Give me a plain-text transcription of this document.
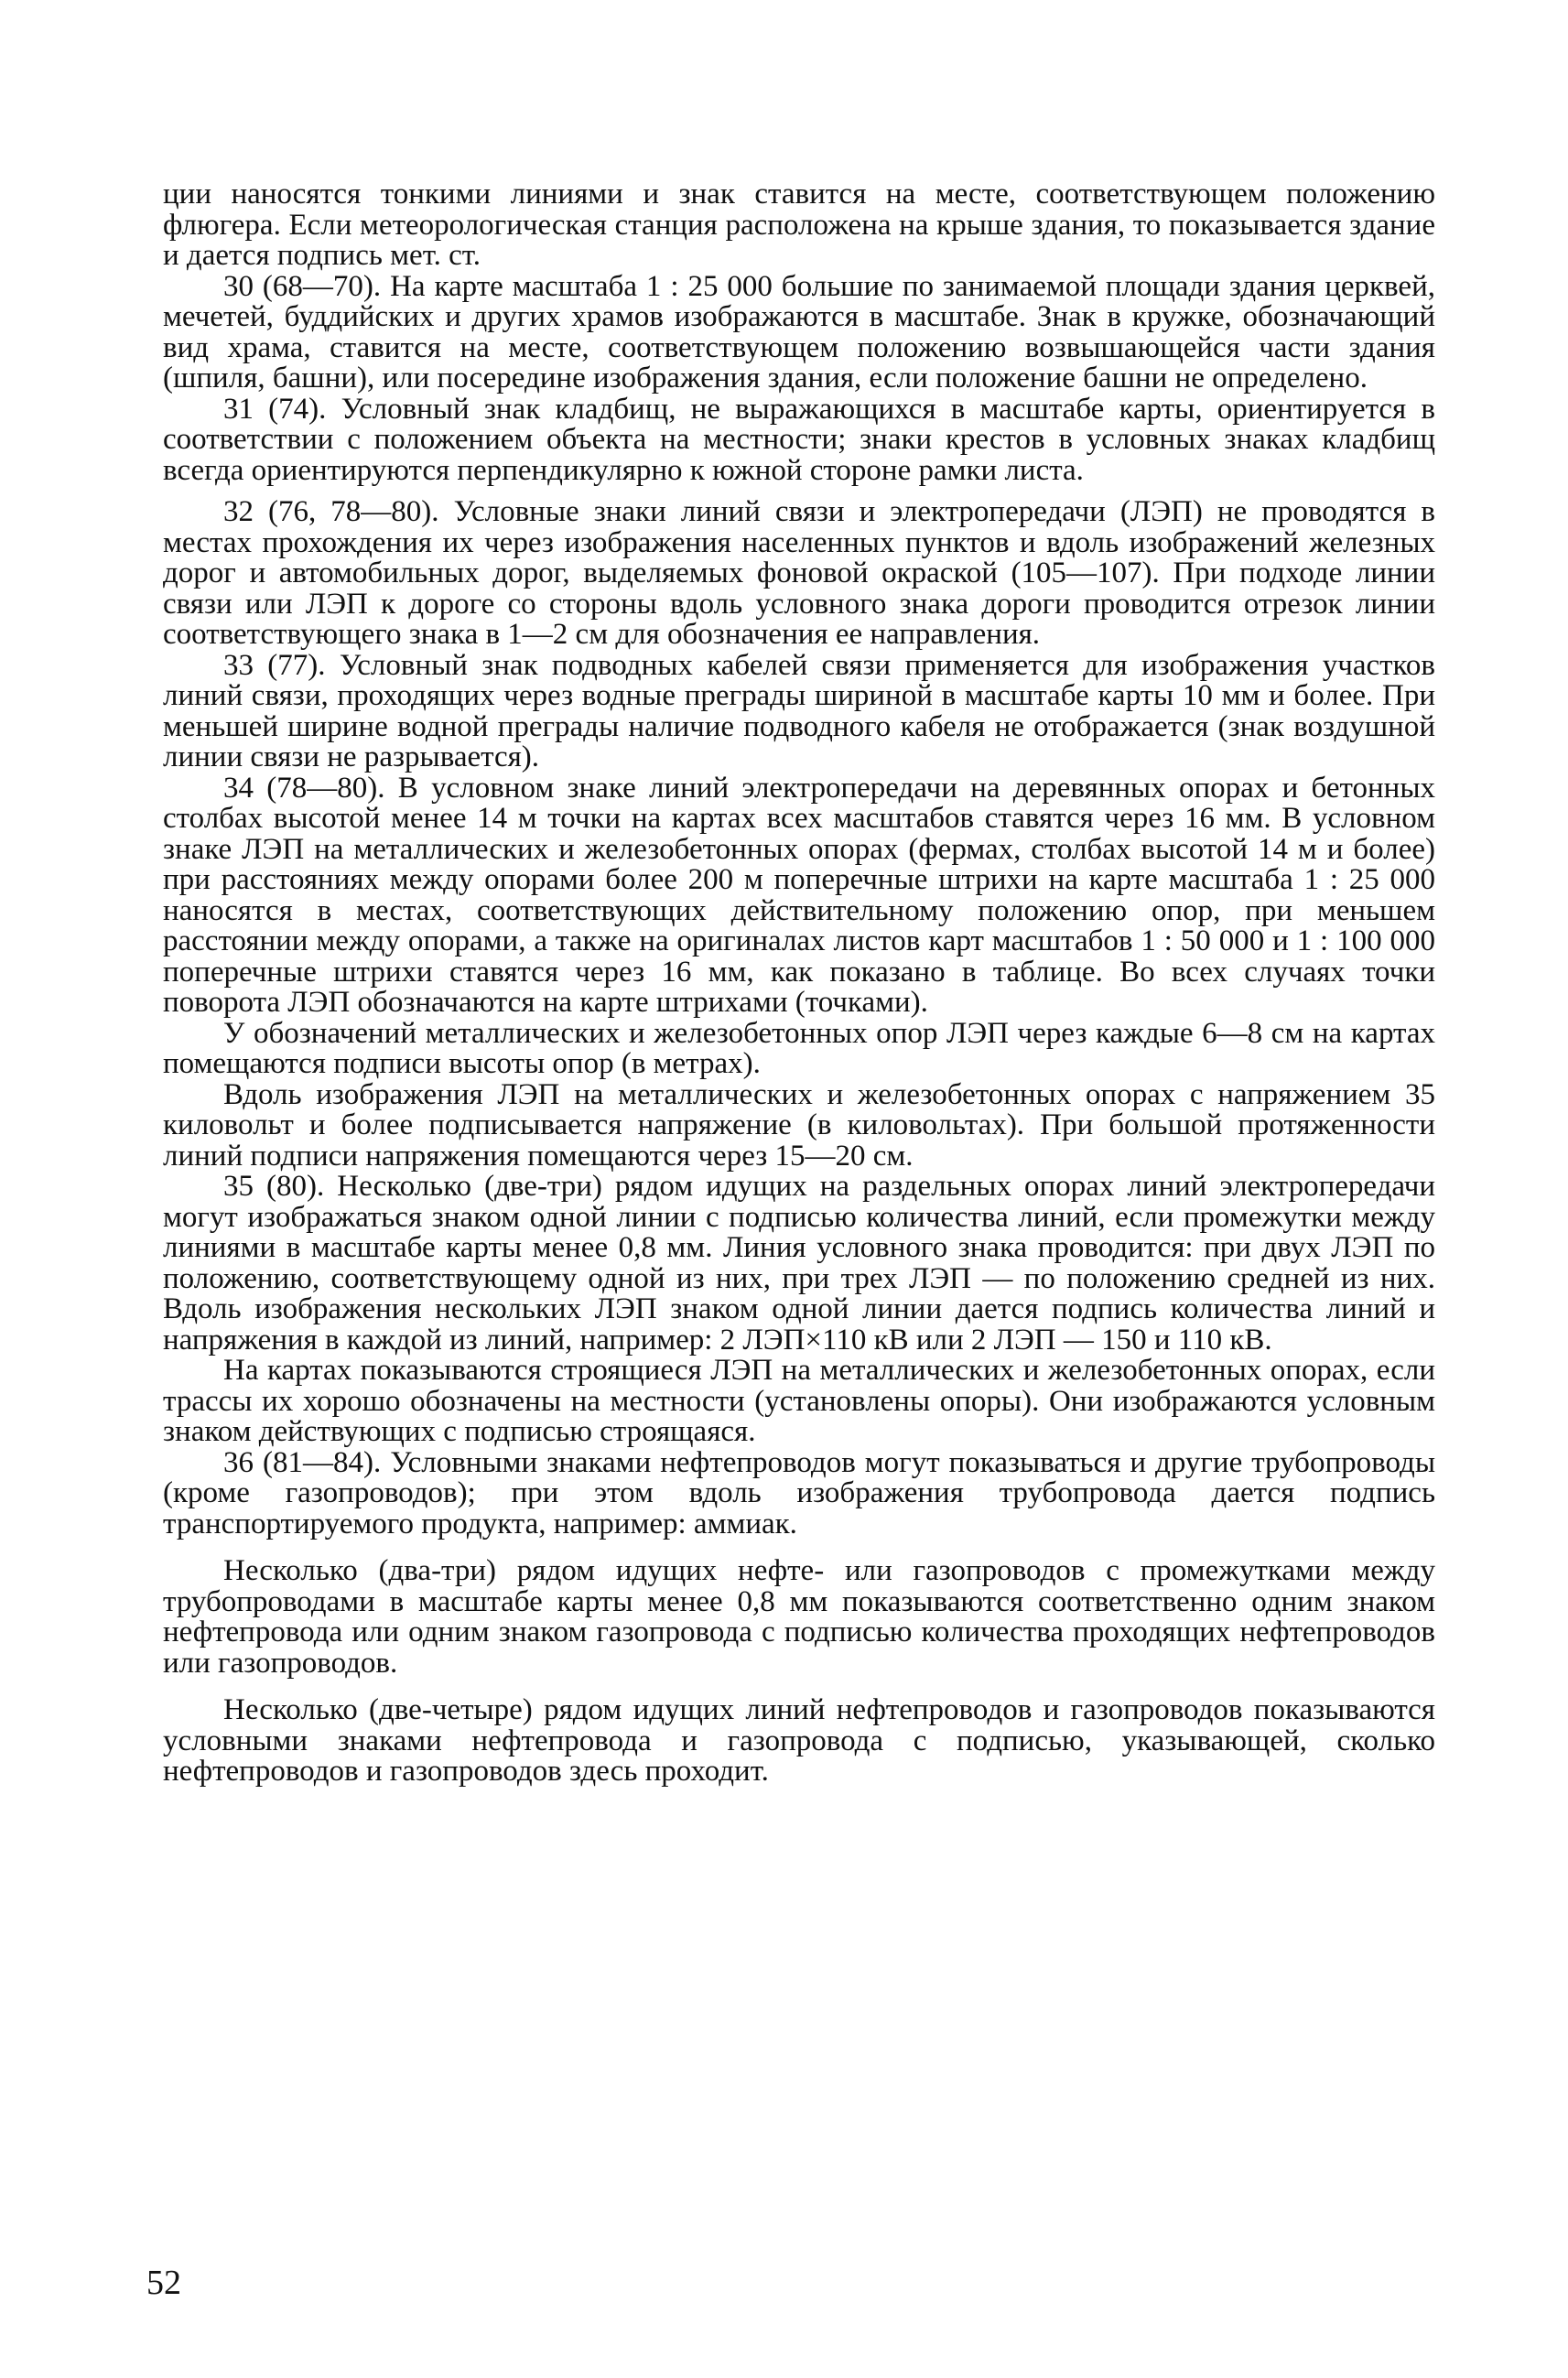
ции наносятся тонкими линиями и знак ставится на месте, соответствующем положению флюгера. Если метеорологическая станция расположена на крыше здания, то показывается здание и дается подпись мет. ст.

30 (68—70). На карте масштаба 1 : 25 000 большие по занимаемой площади здания церквей, мечетей, буддийских и других храмов изображаются в масштабе. Знак в кружке, обозначающий вид храма, ставится на месте, соответствующем положению возвышающейся части здания (шпиля, башни), или посередине изображения здания, если положение башни не определено.

31 (74). Условный знак кладбищ, не выражающихся в масштабе карты, ориентируется в соответствии с положением объекта на местности; знаки крестов в условных знаках кладбищ всегда ориентируются перпендикулярно к южной стороне рамки листа.

32 (76, 78—80). Условные знаки линий связи и электропередачи (ЛЭП) не проводятся в местах прохождения их через изображения населенных пунктов и вдоль изображений железных дорог и автомобильных дорог, выделяемых фоновой окраской (105—107). При подходе линии связи или ЛЭП к дороге со стороны вдоль условного знака дороги проводится отрезок линии соответствующего знака в 1—2 см для обозначения ее направления.

33 (77). Условный знак подводных кабелей связи применяется для изображения участков линий связи, проходящих через водные преграды шириной в масштабе карты 10 мм и более. При меньшей ширине водной преграды наличие подводного кабеля не отображается (знак воздушной линии связи не разрывается).

34 (78—80). В условном знаке линий электропередачи на деревянных опорах и бетонных столбах высотой менее 14 м точки на картах всех масштабов ставятся через 16 мм. В условном знаке ЛЭП на металлических и железобетонных опорах (фермах, столбах высотой 14 м и более) при расстояниях между опорами более 200 м поперечные штрихи на карте масштаба 1 : 25 000 наносятся в местах, соответствующих действительному положению опор, при меньшем расстоянии между опорами, а также на оригиналах листов карт масштабов 1 : 50 000 и 1 : 100 000 поперечные штрихи ставятся через 16 мм, как показано в таблице. Во всех случаях точки поворота ЛЭП обозначаются на карте штрихами (точками).

У обозначений металлических и железобетонных опор ЛЭП через каждые 6—8 см на картах помещаются подписи высоты опор (в метрах).

Вдоль изображения ЛЭП на металлических и железобетонных опорах с напряжением 35 киловольт и более подписывается напряжение (в киловольтах). При большой протяженности линий подписи напряжения помещаются через 15—20 см.

35 (80). Несколько (две-три) рядом идущих на раздельных опорах линий электропередачи могут изображаться знаком одной линии с подписью количества линий, если промежутки между линиями в масштабе карты менее 0,8 мм. Линия условного знака проводится: при двух ЛЭП по положению, соответствующему одной из них, при трех ЛЭП — по положению средней из них. Вдоль изображения нескольких ЛЭП знаком одной линии дается подпись количества линий и напряжения в каждой из линий, например: 2 ЛЭП×110 кВ или 2 ЛЭП — 150 и 110 кВ.

На картах показываются строящиеся ЛЭП на металлических и железобетонных опорах, если трассы их хорошо обозначены на местности (установлены опоры). Они изображаются условным знаком действующих с подписью строящаяся.

36 (81—84). Условными знаками нефтепроводов могут показываться и другие трубопроводы (кроме газопроводов); при этом вдоль изображения трубопровода дается подпись транспортируемого продукта, например: аммиак.

Несколько (два-три) рядом идущих нефте- или газопроводов с промежутками между трубопроводами в масштабе карты менее 0,8 мм показываются соответственно одним знаком нефтепровода или одним знаком газопровода с подписью количества проходящих нефтепроводов или газопроводов.

Несколько (две-четыре) рядом идущих линий нефтепроводов и газопроводов показываются условными знаками нефтепровода и газопровода с подписью, указывающей, сколько нефтепроводов и газопроводов здесь проходит.

52
